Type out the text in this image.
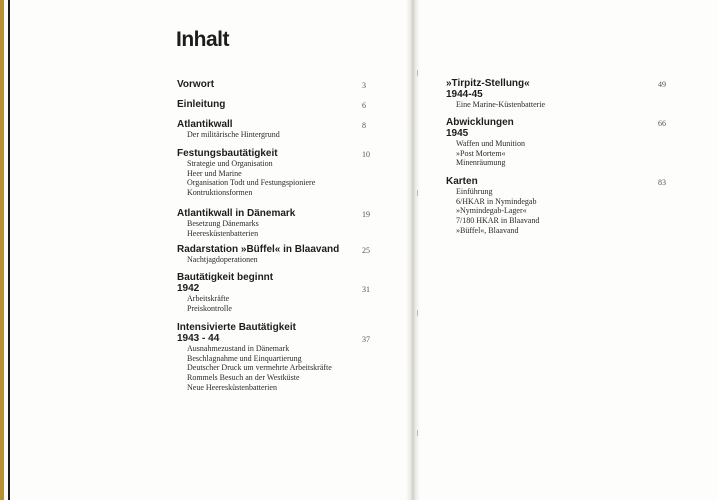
Inhalt
Vorwort	3
Einleitung	6
Atlantikwall
Der militärische Hintergrund
8
Festungsbautätigkeit
Strategie und Organisation
Heer und Marine
Organisation Todt und Festungspioniere
Kontruktionsformen
10
Atlantikwall in Dänemark
Besetzung Dänemarks
Heeresküstenbatterien
19
Radarstation »Büffel« in Blaavand
Nachtjagdoperationen
25
Bautätigkeit beginnt
1942
Arbeitskräfte
Preiskontrolle
31
Intensivierte Bautätigkeit
1943 - 44
Ausnahmezustand in Dänemark
Beschlagnahme und Einquartierung
Deutscher Druck um vermehrte Arbeitskräfte
Rommels Besuch an der Westküste
Neue Heeresküstenbatterien
37
»Tirpitz-Stellung«
1944-45
Eine Marine-Küstenbatterie
49
Abwicklungen
1945
Waffen und Munition
»Post Mortem«
Minenräumung
66
Karten
Einführung
6/HKAR in Nymindegab
»Nymindegab-Lager«
7/180 HKAR in Blaavand
»Büffel«, Blaavand
83
